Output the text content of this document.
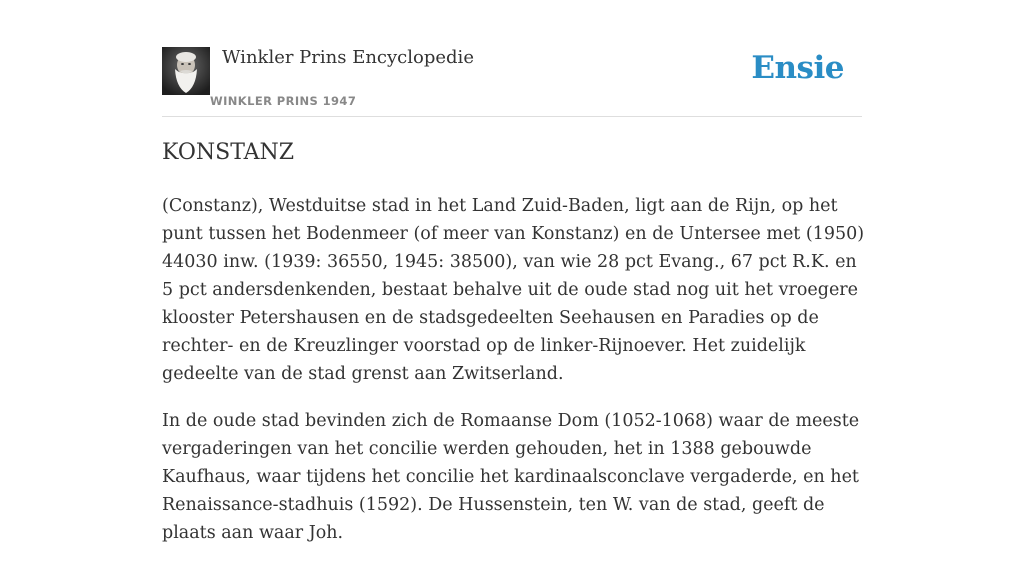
Winkler Prins Encyclopedie
WINKLER PRINS 1947
Ensie
KONSTANZ

(Constanz), Westduitse stad in het Land Zuid-Baden, ligt aan de Rijn, op het punt tussen het Bodenmeer (of meer van Konstanz) en de Untersee met (1950) 44030 inw. (1939: 36550, 1945: 38500), van wie 28 pct Evang., 67 pct R.K. en 5 pct andersdenkenden, bestaat behalve uit de oude stad nog uit het vroegere klooster Petershausen en de stadsgedeelten Seehausen en Paradies op de rechter- en de Kreuzlinger voorstad op de linker-Rijnoever. Het zuidelijk gedeelte van de stad grenst aan Zwitserland.

In de oude stad bevinden zich de Romaanse Dom (1052-1068) waar de meeste vergaderingen van het concilie werden gehouden, het in 1388 gebouwde Kaufhaus, waar tijdens het concilie het kardinaalsconclave vergaderde, en het Renaissance-stadhuis (1592). De Hussenstein, ten W. van de stad, geeft de plaats aan waar Joh.
